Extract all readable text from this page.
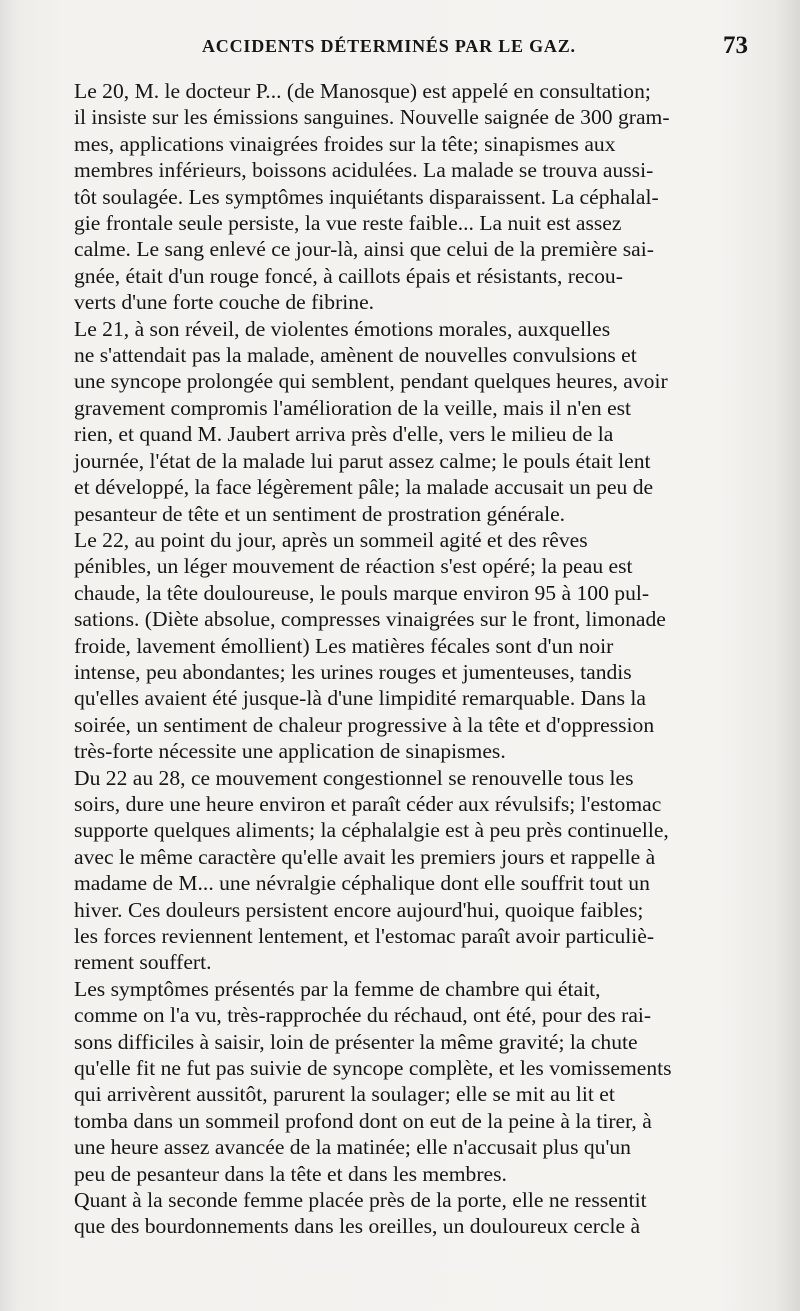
ACCIDENTS DÉTERMINÉS PAR LE GAZ.	73

Le 20, M. le docteur P... (de Manosque) est appelé en consultation;
il insiste sur les émissions sanguines. Nouvelle saignée de 300 gram-
mes, applications vinaigrées froides sur la tête; sinapismes aux
membres inférieurs, boissons acidulées. La malade se trouva aussi-
tôt soulagée. Les symptômes inquiétants disparaissent. La céphalal-
gie frontale seule persiste, la vue reste faible... La nuit est assez
calme. Le sang enlevé ce jour-là, ainsi que celui de la première sai-
gnée, était d'un rouge foncé, à caillots épais et résistants, recou-
verts d'une forte couche de fibrine.

Le 21, à son réveil, de violentes émotions morales, auxquelles
ne s'attendait pas la malade, amènent de nouvelles convulsions et
une syncope prolongée qui semblent, pendant quelques heures, avoir
gravement compromis l'amélioration de la veille, mais il n'en est
rien, et quand M. Jaubert arriva près d'elle, vers le milieu de la
journée, l'état de la malade lui parut assez calme; le pouls était lent
et développé, la face légèrement pâle; la malade accusait un peu de
pesanteur de tête et un sentiment de prostration générale.

Le 22, au point du jour, après un sommeil agité et des rêves
pénibles, un léger mouvement de réaction s'est opéré; la peau est
chaude, la tête douloureuse, le pouls marque environ 95 à 100 pul-
sations. (Diète absolue, compresses vinaigrées sur le front, limonade
froide, lavement émollient) Les matières fécales sont d'un noir
intense, peu abondantes; les urines rouges et jumenteuses, tandis
qu'elles avaient été jusque-là d'une limpidité remarquable. Dans la
soirée, un sentiment de chaleur progressive à la tête et d'oppression
très-forte nécessite une application de sinapismes.

Du 22 au 28, ce mouvement congestionnel se renouvelle tous les
soirs, dure une heure environ et paraît céder aux révulsifs; l'estomac
supporte quelques aliments; la céphalalgie est à peu près continuelle,
avec le même caractère qu'elle avait les premiers jours et rappelle à
madame de M... une névralgie céphalique dont elle souffrit tout un
hiver. Ces douleurs persistent encore aujourd'hui, quoique faibles;
les forces reviennent lentement, et l'estomac paraît avoir particuliè-
rement souffert.

Les symptômes présentés par la femme de chambre qui était,
comme on l'a vu, très-rapprochée du réchaud, ont été, pour des rai-
sons difficiles à saisir, loin de présenter la même gravité; la chute
qu'elle fit ne fut pas suivie de syncope complète, et les vomissements
qui arrivèrent aussitôt, parurent la soulager; elle se mit au lit et
tomba dans un sommeil profond dont on eut de la peine à la tirer, à
une heure assez avancée de la matinée; elle n'accusait plus qu'un
peu de pesanteur dans la tête et dans les membres.

Quant à la seconde femme placée près de la porte, elle ne ressentit
que des bourdonnements dans les oreilles, un douloureux cercle à
